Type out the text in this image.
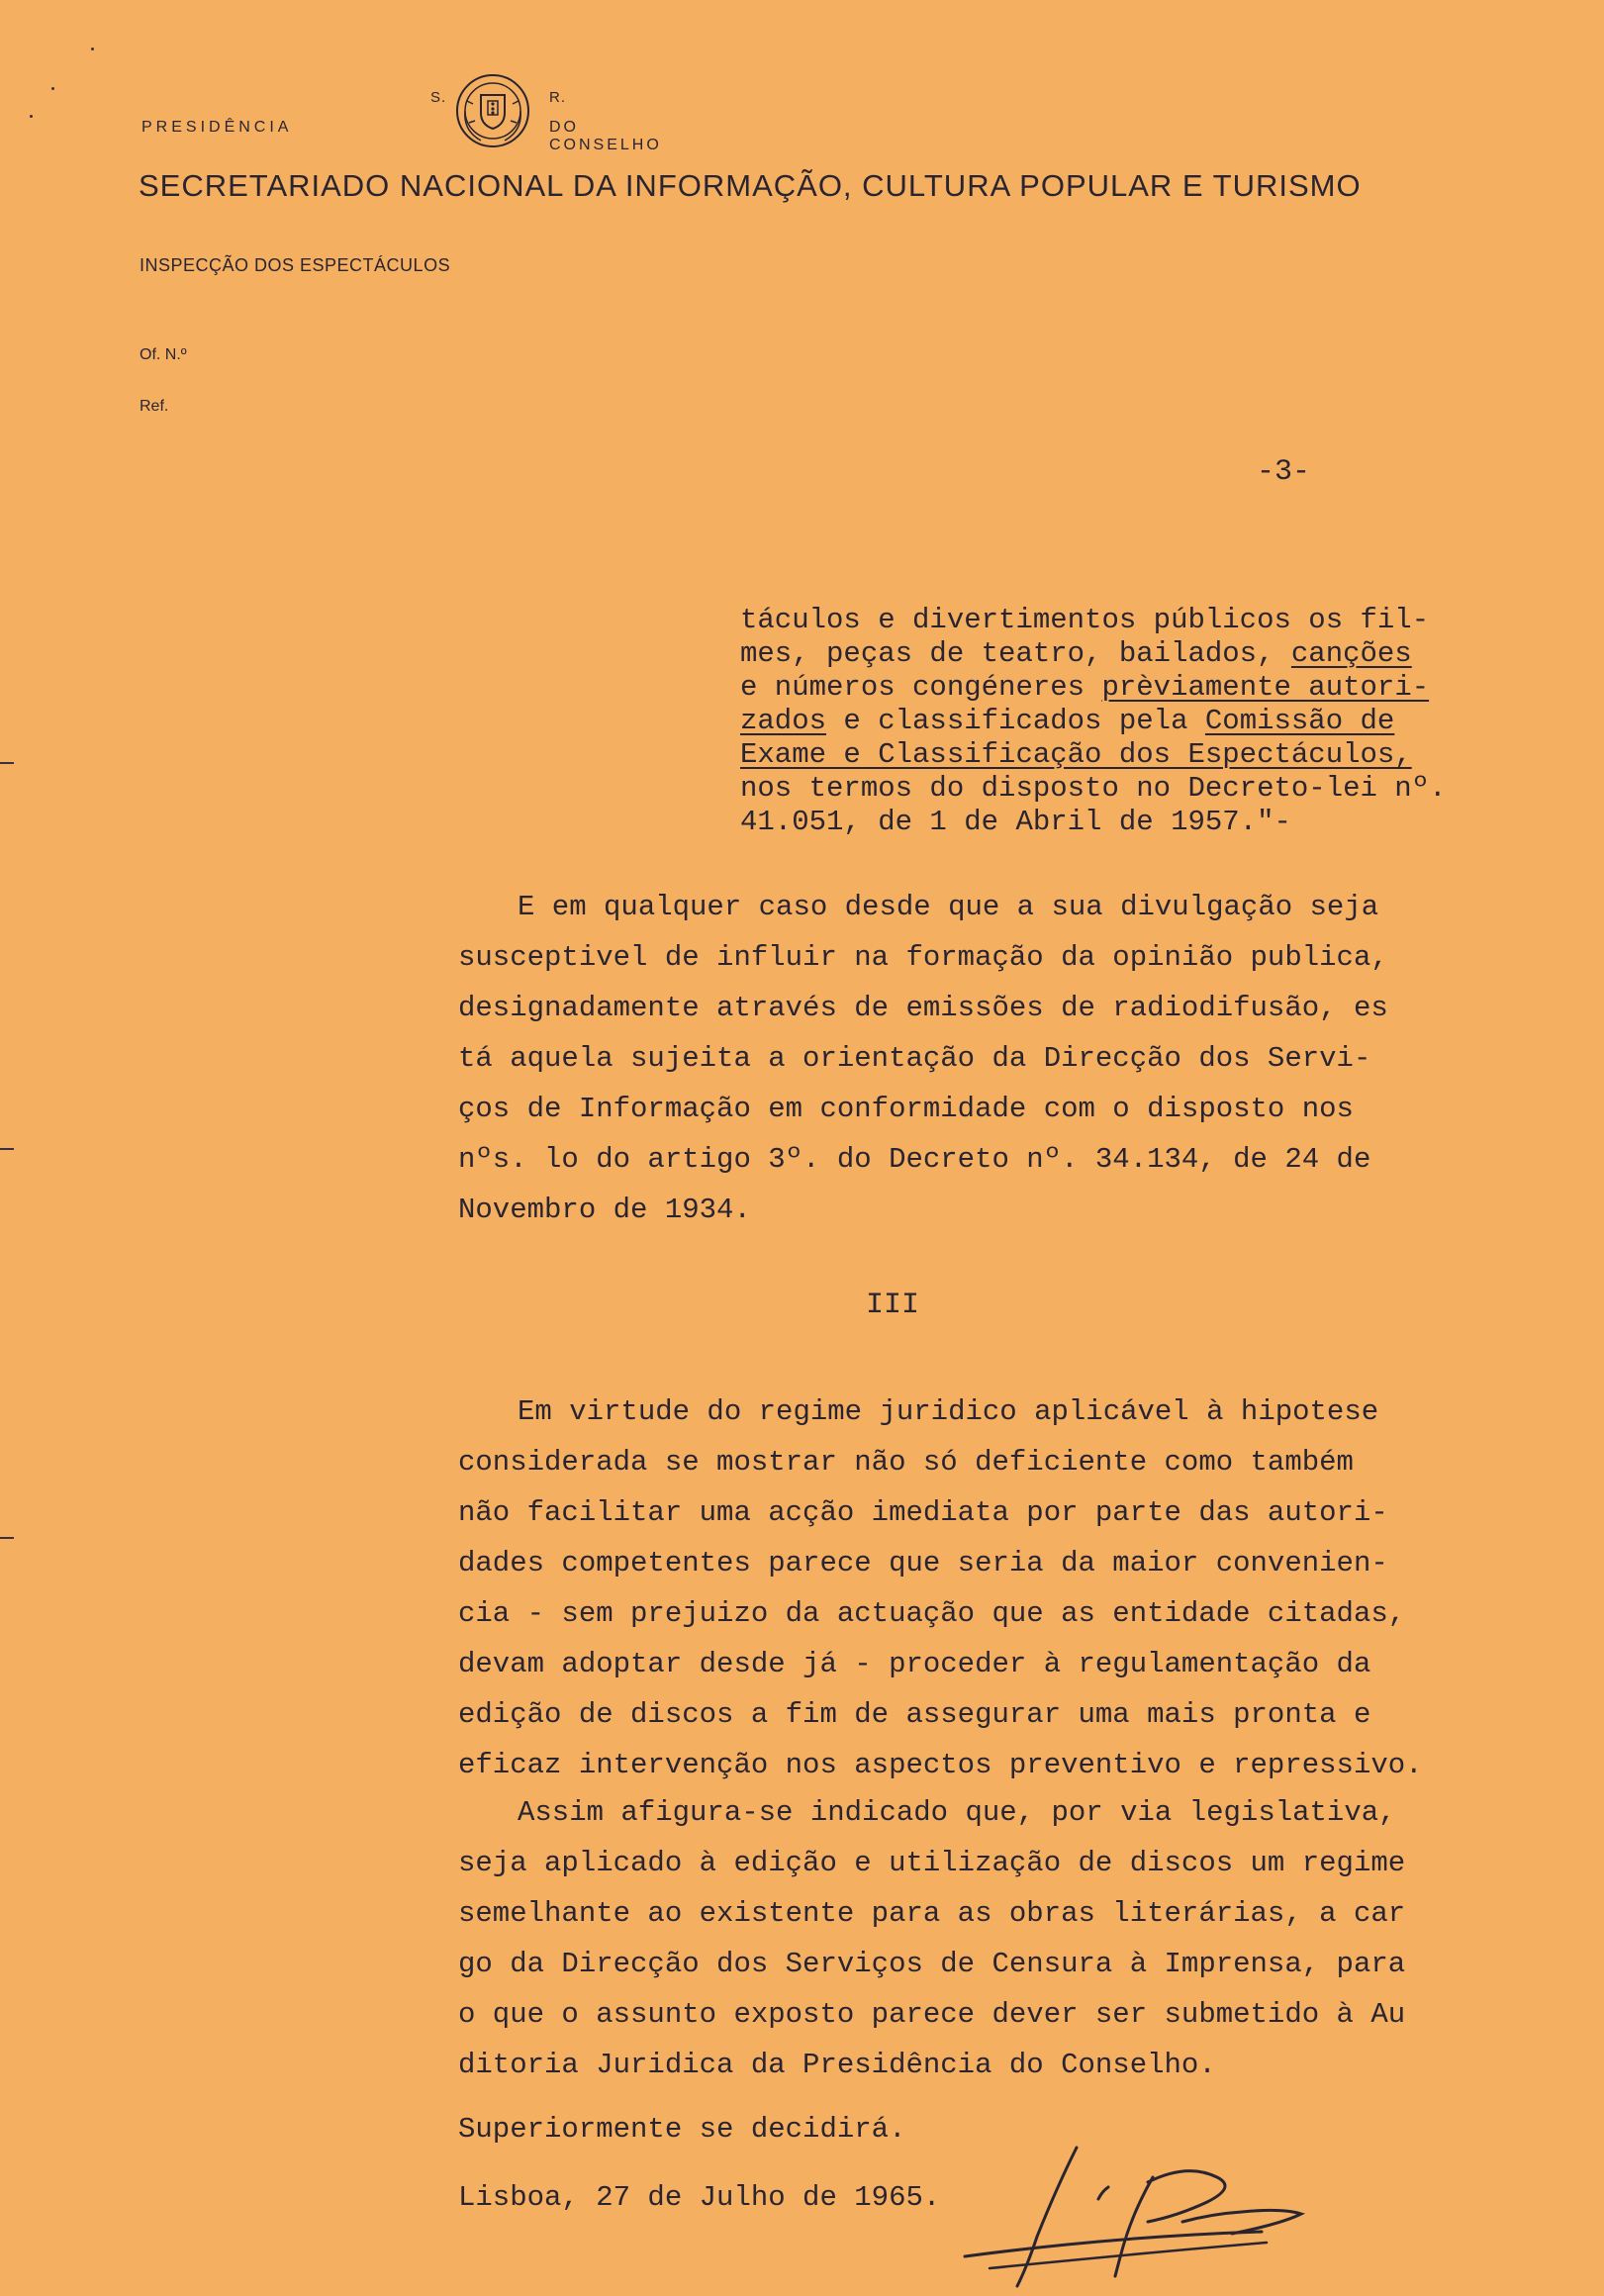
S.	R.
PRESIDÊNCIA	DO CONSELHO
SECRETARIADO NACIONAL DA INFORMAÇÃO, CULTURA POPULAR E TURISMO
INSPECÇÃO DOS ESPECTÁCULOS
Of. N.º
Ref.
-3-
táculos e divertimentos públicos os fil-
mes, peças de teatro, bailados, canções
e números congéneres prèviamente autori-
zados e classificados pela Comissão de
Exame e Classificação dos Espectáculos,
nos termos do disposto no Decreto-lei nº.
41.051, de 1 de Abril de 1957."-
E em qualquer caso desde que a sua divulgação seja
susceptivel de influir na formação da opinião publica,
designadamente através de emissões de radiodifusão, es
tá aquela sujeita a orientação da Direcção dos Servi-
ços de Informação em conformidade com o disposto nos
nºs. lo do artigo 3º. do Decreto nº. 34.134, de 24 de
Novembro de 1934.
III
Em virtude do regime juridico aplicável à hipotese
considerada se mostrar não só deficiente como também
não facilitar uma acção imediata por parte das autori-
dades competentes parece que seria da maior convenien-
cia - sem prejuizo da actuação que as entidade citadas,
devam adoptar desde já - proceder à regulamentação da
edição de discos a fim de assegurar uma mais pronta e
eficaz intervenção nos aspectos preventivo e repressivo.
Assim afigura-se indicado que, por via legislativa,
seja aplicado à edição e utilização de discos um regime
semelhante ao existente para as obras literárias, a car
go da Direcção dos Serviços de Censura à Imprensa, para
o que o assunto exposto parece dever ser submetido à Au
ditoria Juridica da Presidência do Conselho.
Superiormente se decidirá.
Lisboa, 27 de Julho de 1965.
